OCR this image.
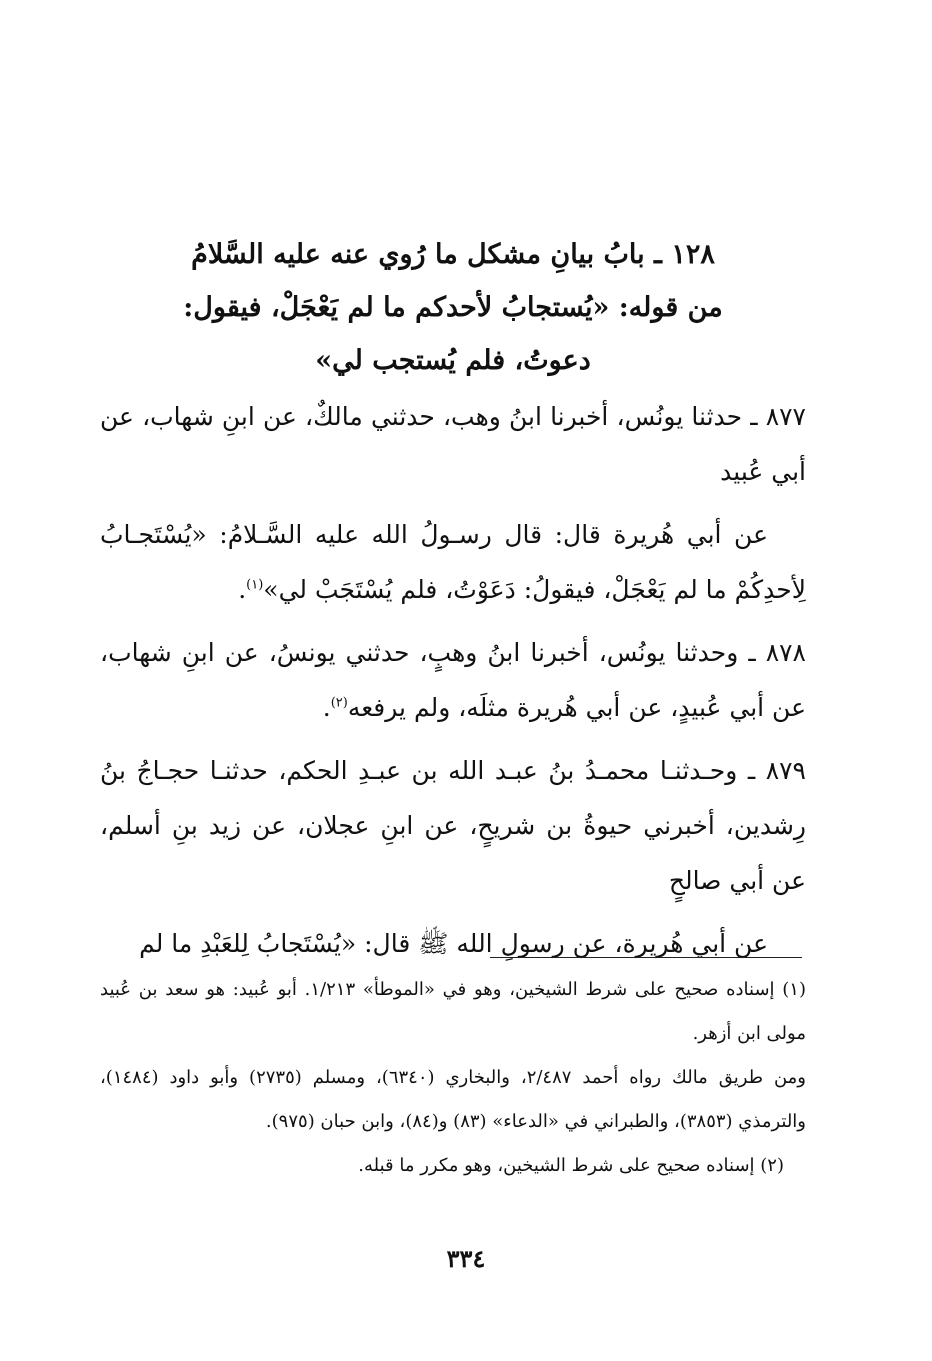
١٢٨ ـ بابُ بيانِ مشكل ما رُوي عنه عليه السَّلامُ
من قوله: «يُستجابُ لأحدكم ما لم يَعْجَلْ، فيقول:
دعوتُ، فلم يُستجب لي»

٨٧٧ ـ حدثنا يونُس، أخبرنا ابنُ وهب، حدثني مالكٌ، عن ابنِ شهاب، عن أبي عُبيد

عن أبي هُريرة قال: قال رسـولُ الله عليه السَّـلامُ: «يُسْتَجـابُ لِأحدِكُمْ ما لم يَعْجَلْ، فيقولُ: دَعَوْتُ، فلم يُسْتَجَبْ لي»$^{(١)}$.

٨٧٨ ـ وحدثنا يونُس، أخبرنا ابنُ وهبٍ، حدثني يونسُ، عن ابنِ شهاب، عن أبي عُبيدٍ، عن أبي هُريرة مثلَه، ولم يرفعه$^{(٢)}$.

٨٧٩ ـ وحـدثنـا محمـدُ بنُ عبـد الله بن عبـدِ الحكم، حدثنـا حجـاجُ بنُ رِشدين، أخبرني حيوةُ بن شريحٍ، عن ابنِ عجلان، عن زيد بنِ أسلم، عن أبي صالحٍ

عن أبي هُريرة، عن رسولِ الله ﷺ قال: «يُسْتَجابُ لِلعَبْدِ ما لم

(١) إسناده صحيح على شرط الشيخين، وهو في «الموطأ» ١/٢١٣. أبو عُبيد: هو سعد بن عُبيد مولى ابن أزهر.

ومن طريق مالك رواه أحمد ٢/٤٨٧، والبخاري (٦٣٤٠)، ومسلم (٢٧٣٥) وأبو داود (١٤٨٤)، والترمذي (٣٨٥٣)، والطبراني في «الدعاء» (٨٣) و(٨٤)، وابن حبان (٩٧٥).

(٢) إسناده صحيح على شرط الشيخين، وهو مكرر ما قبله.

٣٣٤
